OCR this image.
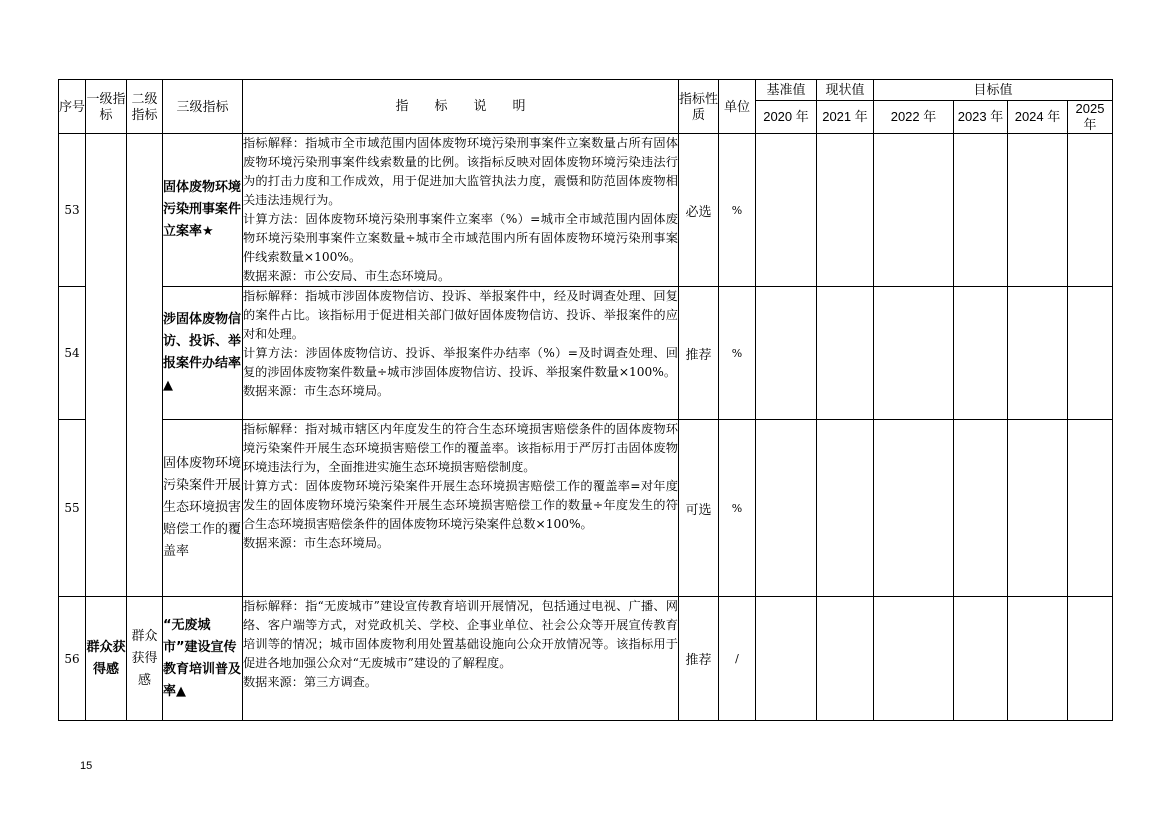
序号	一级指标	二级指标	三级指标	指　　标　　说　　明	指标性质	单位	基准值	现状值	目标值			
							2020 年	2021 年	2022 年	2023 年	2024 年	2025 年
53			固体废物环境污染刑事案件立案率★	指标解释：指城市全市域范围内固体废物环境污染刑事案件立案数量占所有固体废物环境污染刑事案件线索数量的比例。该指标反映对固体废物环境污染违法行为的打击力度和工作成效，用于促进加大监管执法力度，震慑和防范固体废物相关违法违规行为。

计算方法：固体废物环境污染刑事案件立案率（%）=城市全市域范围内固体废物环境污染刑事案件立案数量÷城市全市域范围内所有固体废物环境污染刑事案件线索数量×100%。

数据来源：市公安局、市生态环境局。	必选	%						
54			涉固体废物信访、投诉、举报案件办结率▲	指标解释：指城市涉固体废物信访、投诉、举报案件中，经及时调查处理、回复的案件占比。该指标用于促进相关部门做好固体废物信访、投诉、举报案件的应对和处理。

计算方法：涉固体废物信访、投诉、举报案件办结率（%）=及时调查处理、回复的涉固体废物案件数量÷城市涉固体废物信访、投诉、举报案件数量×100%。

数据来源：市生态环境局。	推荐	%						
55			固体废物环境污染案件开展生态环境损害赔偿工作的覆盖率	指标解释：指对城市辖区内年度发生的符合生态环境损害赔偿条件的固体废物环境污染案件开展生态环境损害赔偿工作的覆盖率。该指标用于严厉打击固体废物环境违法行为，全面推进实施生态环境损害赔偿制度。

计算方式：固体废物环境污染案件开展生态环境损害赔偿工作的覆盖率=对年度发生的固体废物环境污染案件开展生态环境损害赔偿工作的数量÷年度发生的符合生态环境损害赔偿条件的固体废物环境污染案件总数×100%。

数据来源：市生态环境局。	可选	%						
56	群众获得感	群众获得感	“无废城市”建设宣传教育培训普及率▲	指标解释：指“无废城市”建设宣传教育培训开展情况，包括通过电视、广播、网络、客户端等方式，对党政机关、学校、企事业单位、社会公众等开展宣传教育培训等的情况；城市固体废物利用处置基础设施向公众开放情况等。该指标用于促进各地加强公众对“无废城市”建设的了解程度。

数据来源：第三方调查。	推荐	/						
15
